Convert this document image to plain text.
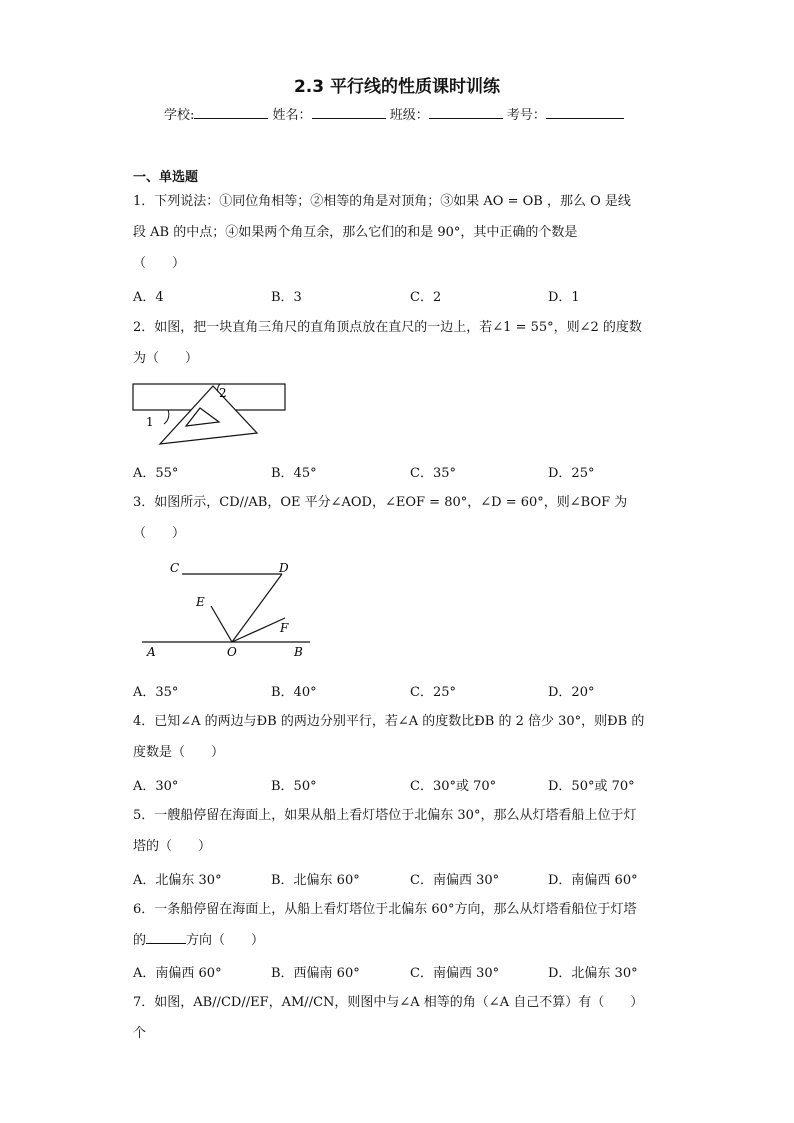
2.3 平行线的性质课时训练
学校:	姓名：	班级：	考号：
一、单选题
1．下列说法：①同位角相等；②相等的角是对顶角；③如果 AO = OB ，那么 O 是线
段 AB 的中点；④如果两个角互余，那么它们的和是 90°，其中正确的个数是
（　　）
A．4	B．3	C．2	D．1
2．如图，把一块直角三角尺的直角顶点放在直尺的一边上，若∠1 = 55°，则∠2 的度数
为（　　）
1
2
A．55°	B．45°	C．35°	D．25°
3．如图所示，CD//AB，OE 平分∠AOD，∠EOF = 80°，∠D = 60°，则∠BOF 为
（　　）
C	D
E
F
A	O	B
A．35°	B．40°	C．25°	D．20°
4．已知∠A 的两边与ÐB 的两边分别平行，若∠A 的度数比ÐB 的 2 倍少 30°，则ÐB 的
度数是（　　）
A．30°	B．50°	C．30°或 70°	D．50°或 70°
5．一艘船停留在海面上，如果从船上看灯塔位于北偏东 30°，那么从灯塔看船上位于灯
塔的（　　）
A．北偏东 30°	B．北偏东 60°	C．南偏西 30°	D．南偏西 60°
6．一条船停留在海面上，从船上看灯塔位于北偏东 60°方向，那么从灯塔看船位于灯塔
的	方向（　　）
A．南偏西 60°	B．西偏南 60°	C．南偏西 30°	D．北偏东 30°
7．如图，AB//CD//EF，AM//CN，则图中与∠A 相等的角（∠A 自己不算）有（　　）
个
